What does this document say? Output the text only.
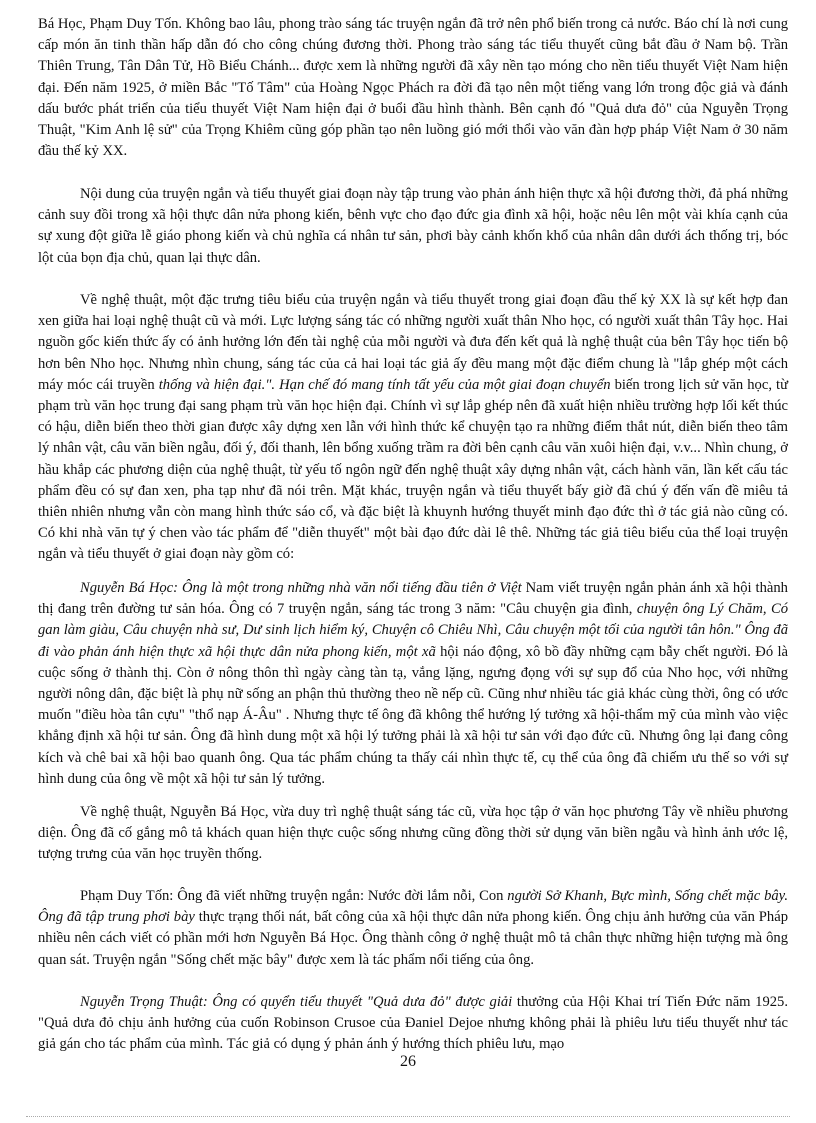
Bá Học, Phạm Duy Tốn. Không bao lâu, phong trào sáng tác truyện ngắn đã trở nên phổ biến trong cả nước. Báo chí là nơi cung cấp món ăn tinh thần hấp dẫn đó cho công chúng đương thời. Phong trào sáng tác tiểu thuyết cũng bắt đầu ở Nam bộ. Trần Thiên Trung, Tân Dân Tử, Hồ Biểu Chánh... được xem là những người đã xây nền tạo móng cho nền tiểu thuyết Việt Nam hiện đại. Đến năm 1925, ở miền Bắc "Tố Tâm" của Hoàng Ngọc Phách ra đời đã tạo nên một tiếng vang lớn trong độc giả và đánh dấu bước phát triển của tiểu thuyết Việt Nam hiện đại ở buổi đầu hình thành. Bên cạnh đó "Quả dưa đỏ" của Nguyễn Trọng Thuật, "Kim Anh lệ sử" của Trọng Khiêm cũng góp phần tạo nên luồng gió mới thổi vào văn đàn hợp pháp Việt Nam ở 30 năm đầu thế kỷ XX.

Nội dung của truyện ngắn và tiểu thuyết giai đoạn này tập trung vào phản ánh hiện thực xã hội đương thời, đả phá những cảnh suy đồi trong xã hội thực dân nửa phong kiến, bênh vực cho đạo đức gia đình xã hội, hoặc nêu lên một vài khía cạnh của sự xung đột giữa lễ giáo phong kiến và chủ nghĩa cá nhân tư sản, phơi bày cảnh khốn khổ của nhân dân dưới ách thống trị, bóc lột của bọn địa chủ, quan lại thực dân.

Về nghệ thuật, một đặc trưng tiêu biểu của truyện ngắn và tiểu thuyết trong giai đoạn đầu thế kỷ XX là sự kết hợp đan xen giữa hai loại nghệ thuật cũ và mới. Lực lượng sáng tác có những người xuất thân Nho học, có người xuất thân Tây học. Hai nguồn gốc kiến thức ấy có ảnh hưởng lớn đến tài nghệ của mỗi người và đưa đến kết quả là nghệ thuật của bên Tây học tiến bộ hơn bên Nho học. Nhưng nhìn chung, sáng tác của cả hai loại tác giả ấy đều mang một đặc điểm chung là "lắp ghép một cách máy móc cái truyền thống và hiện đại.". Hạn chế đó mang tính tất yếu của một giai đoạn chuyển biến trong lịch sử văn học, từ phạm trù văn học trung đại sang phạm trù văn học hiện đại. Chính vì sự lắp ghép nên đã xuất hiện nhiều trường hợp lối kết thúc có hậu, diễn biến theo thời gian được xây dựng xen lẫn với hình thức kể chuyện tạo ra những điểm thắt nút, diễn biến theo tâm lý nhân vật, câu văn biền ngẫu, đối ý, đối thanh, lên bổng xuống trầm ra đời bên cạnh câu văn xuôi hiện đại, v.v... Nhìn chung, ở hầu khắp các phương diện của nghệ thuật, từ yếu tố ngôn ngữ đến nghệ thuật xây dựng nhân vật, cách hành văn, lần kết cấu tác phẩm đều có sự đan xen, pha tạp như đã nói trên. Mặt khác, truyện ngắn và tiểu thuyết bấy giờ đã chú ý đến vấn đề miêu tả thiên nhiên nhưng vẫn còn mang hình thức sáo cổ, và đặc biệt là khuynh hướng thuyết minh đạo đức thì ở tác giả nào cũng có. Có khi nhà văn tự ý chen vào tác phẩm để "diễn thuyết" một bài đạo đức dài lê thê. Những tác giả tiêu biểu của thể loại truyện ngắn và tiểu thuyết ở giai đoạn này gồm có:

Nguyễn Bá Học: Ông là một trong những nhà văn nổi tiếng đầu tiên ở Việt Nam viết truyện ngắn phản ánh xã hội thành thị đang trên đường tư sản hóa. Ông có 7 truyện ngắn, sáng tác trong 3 năm: "Câu chuyện gia đình, chuyện ông Lý Chăm, Có gan làm giàu, Câu chuyện nhà sư, Dư sinh lịch hiểm ký, Chuyện cô Chiêu Nhì, Câu chuyện một tối của người tân hôn." Ông đã đi vào phản ánh hiện thực xã hội thực dân nửa phong kiến, một xã hội náo động, xô bồ đầy những cạm bẫy chết người. Đó là cuộc sống ở thành thị. Còn ở nông thôn thì ngày càng tàn tạ, vắng lặng, ngưng đọng với sự sụp đổ của Nho học, với những người nông dân, đặc biệt là phụ nữ sống an phận thủ thường theo nề nếp cũ. Cũng như nhiều tác giả khác cùng thời, ông có ước muốn "điều hòa tân cựu" "thổ nạp Á-Âu" . Nhưng thực tế ông đã không thể hướng lý tưởng xã hội-thẩm mỹ của mình vào việc khẳng định xã hội tư sản. Ông đã hình dung một xã hội lý tưởng phải là xã hội tư sản với đạo đức cũ. Nhưng ông lại đang công kích và chê bai xã hội bao quanh ông. Qua tác phẩm chúng ta thấy cái nhìn thực tế, cụ thể của ông đã chiếm ưu thế so với sự hình dung của ông về một xã hội tư sản lý tưởng.

Về nghệ thuật, Nguyễn Bá Học, vừa duy trì nghệ thuật sáng tác cũ, vừa học tập ở văn học phương Tây về nhiều phương diện. Ông đã cố gắng mô tả khách quan hiện thực cuộc sống nhưng cũng đồng thời sử dụng văn biền ngẫu và hình ảnh ước lệ, tượng trưng của văn học truyền thống.

Phạm Duy Tốn: Ông đã viết những truyện ngắn: Nước đời lắm nỗi, Con người Sở Khanh, Bực mình, Sống chết mặc bây. Ông đã tập trung phơi bày thực trạng thối nát, bất công của xã hội thực dân nửa phong kiến. Ông chịu ảnh hưởng của văn Pháp nhiều nên cách viết có phần mới hơn Nguyễn Bá Học. Ông thành công ở nghệ thuật mô tả chân thực những hiện tượng mà ông quan sát. Truyện ngắn "Sống chết mặc bây" được xem là tác phẩm nổi tiếng của ông.

Nguyễn Trọng Thuật: Ông có quyển tiểu thuyết "Quả dưa đỏ" được giải thưởng của Hội Khai trí Tiến Đức năm 1925. "Quả dưa đỏ chịu ảnh hưởng của cuốn Robinson Crusoe của Đaniel Dejoe nhưng không phải là phiêu lưu tiểu thuyết như tác giả gán cho tác phẩm của mình. Tác giả có dụng ý phản ánh ý hướng thích phiêu lưu, mạo

26
